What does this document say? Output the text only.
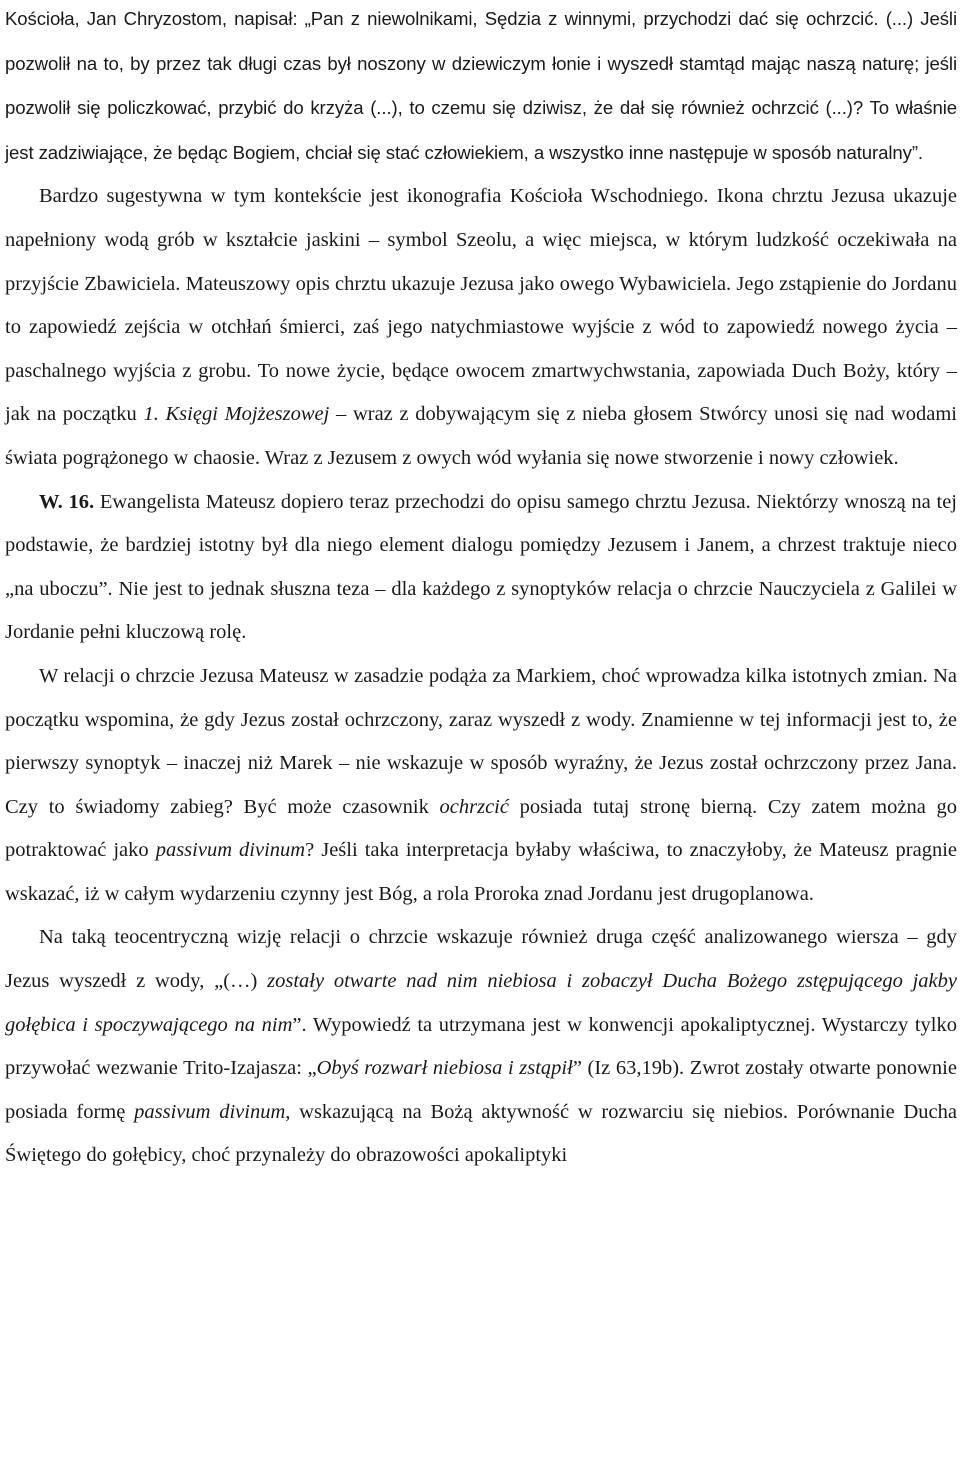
Kościoła, Jan Chryzostom, napisał: „Pan z niewolnikami, Sędzia z winnymi, przychodzi dać się ochrzcić. (...) Jeśli pozwolił na to, by przez tak długi czas był noszony w dziewiczym łonie i wyszedł stamtąd mając naszą naturę; jeśli pozwolił się policzkować, przybić do krzyża (...), to czemu się dziwisz, że dał się również ochrzcić (...)? To właśnie jest zadziwiające, że będąc Bogiem, chciał się stać człowiekiem, a wszystko inne następuje w sposób naturalny”.

Bardzo sugestywna w tym kontekście jest ikonografia Kościoła Wschodniego. Ikona chrztu Jezusa ukazuje napełniony wodą grób w kształcie jaskini – symbol Szeolu, a więc miejsca, w którym ludzkość oczekiwała na przyjście Zbawiciela. Mateuszowy opis chrztu ukazuje Jezusa jako owego Wybawiciela. Jego zstąpienie do Jordanu to zapowiedź zejścia w otchłań śmierci, zaś jego natychmiastowe wyjście z wód to zapowiedź nowego życia – paschalnego wyjścia z grobu. To nowe życie, będące owocem zmartwychwstania, zapowiada Duch Boży, który – jak na początku 1. Księgi Mojżeszowej – wraz z dobywającym się z nieba głosem Stwórcy unosi się nad wodami świata pogrążonego w chaosie. Wraz z Jezusem z owych wód wyłania się nowe stworzenie i nowy człowiek.

W. 16. Ewangelista Mateusz dopiero teraz przechodzi do opisu samego chrztu Jezusa. Niektórzy wnoszą na tej podstawie, że bardziej istotny był dla niego element dialogu pomiędzy Jezusem i Janem, a chrzest traktuje nieco „na uboczu”. Nie jest to jednak słuszna teza – dla każdego z synoptyków relacja o chrzcie Nauczyciela z Galilei w Jordanie pełni kluczową rolę.

W relacji o chrzcie Jezusa Mateusz w zasadzie podąża za Markiem, choć wprowadza kilka istotnych zmian. Na początku wspomina, że gdy Jezus został ochrzczony, zaraz wyszedł z wody. Znamienne w tej informacji jest to, że pierwszy synoptyk – inaczej niż Marek – nie wskazuje w sposób wyraźny, że Jezus został ochrzczony przez Jana. Czy to świadomy zabieg? Być może czasownik ochrzcić posiada tutaj stronę bierną. Czy zatem można go potraktować jako passivum divinum? Jeśli taka interpretacja byłaby właściwa, to znaczyłoby, że Mateusz pragnie wskazać, iż w całym wydarzeniu czynny jest Bóg, a rola Proroka znad Jordanu jest drugoplanowa.

Na taką teocentryczną wizję relacji o chrzcie wskazuje również druga część analizowanego wiersza – gdy Jezus wyszedł z wody, „(…) zostały otwarte nad nim niebiosa i zobaczył Ducha Bożego zstępującego jakby gołębica i spoczywającego na nim”. Wypowiedź ta utrzymana jest w konwencji apokaliptycznej. Wystarczy tylko przywołać wezwanie Trito-Izajasza: „Obyś rozwarł niebiosa i zstąpił” (Iz 63,19b). Zwrot zostały otwarte ponownie posiada formę passivum divinum, wskazującą na Bożą aktywność w rozwarciu się niebios. Porównanie Ducha Świętego do gołębicy, choć przynależy do obrazowości apokaliptyki
